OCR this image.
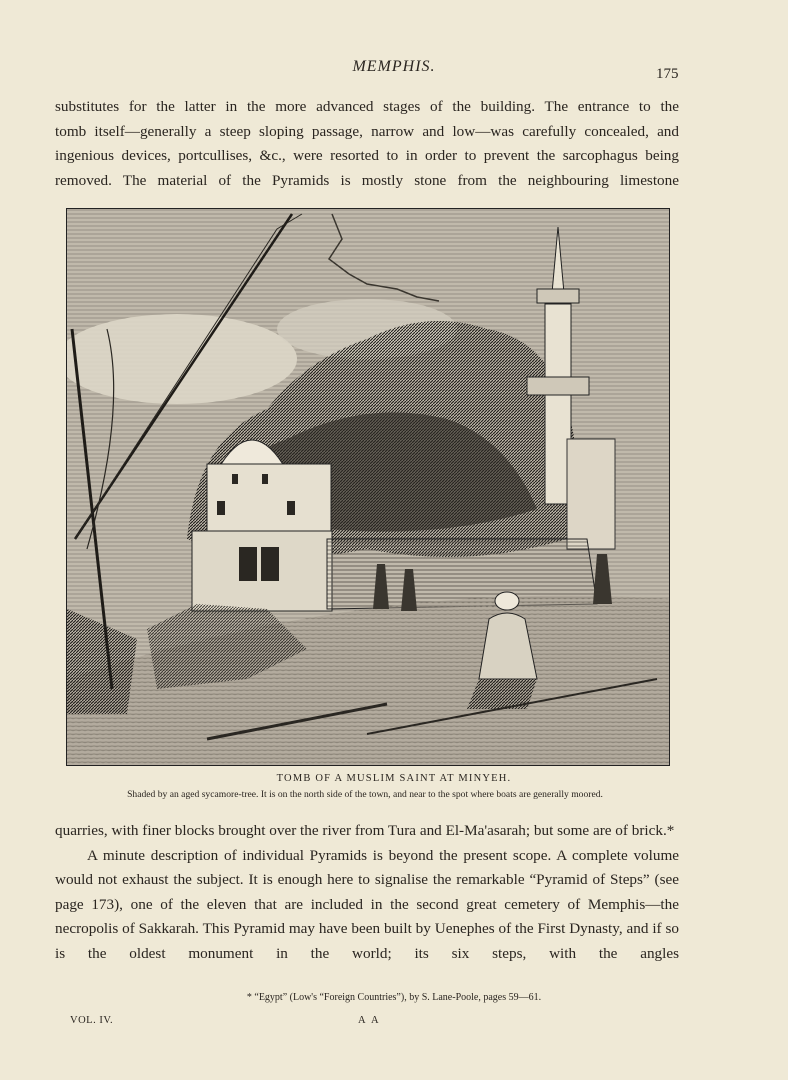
MEMPHIS.	175

substitutes for the latter in the more advanced stages of the building. The entrance to the

tomb itself—generally a steep sloping passage, narrow and low—was carefully concealed, and

ingenious devices, portcullises, &c., were resorted to in order to prevent the sarcophagus being

removed. The material of the Pyramids is mostly stone from the neighbouring limestone

TOMB OF A MUSLIM SAINT AT MINYEH.
Shaded by an aged sycamore-tree. It is on the north side of the town, and near to the spot where boats are generally moored.

quarries, with finer blocks brought over the river from Tura and El-Ma'asarah; but some are of brick.*

A minute description of individual Pyramids is beyond the present scope. A complete volume would not exhaust the subject. It is enough here to signalise the remarkable “Pyramid of Steps” (see page 173), one of the eleven that are included in the second great cemetery of Memphis—the necropolis of Sakkarah. This Pyramid may have been built by Uenephes of the First Dynasty, and if so is the oldest monument in the world; its six steps, with the angles

* “Egypt” (Low's “Foreign Countries”), by S. Lane-Poole, pages 59—61.
VOL. IV.	A A
